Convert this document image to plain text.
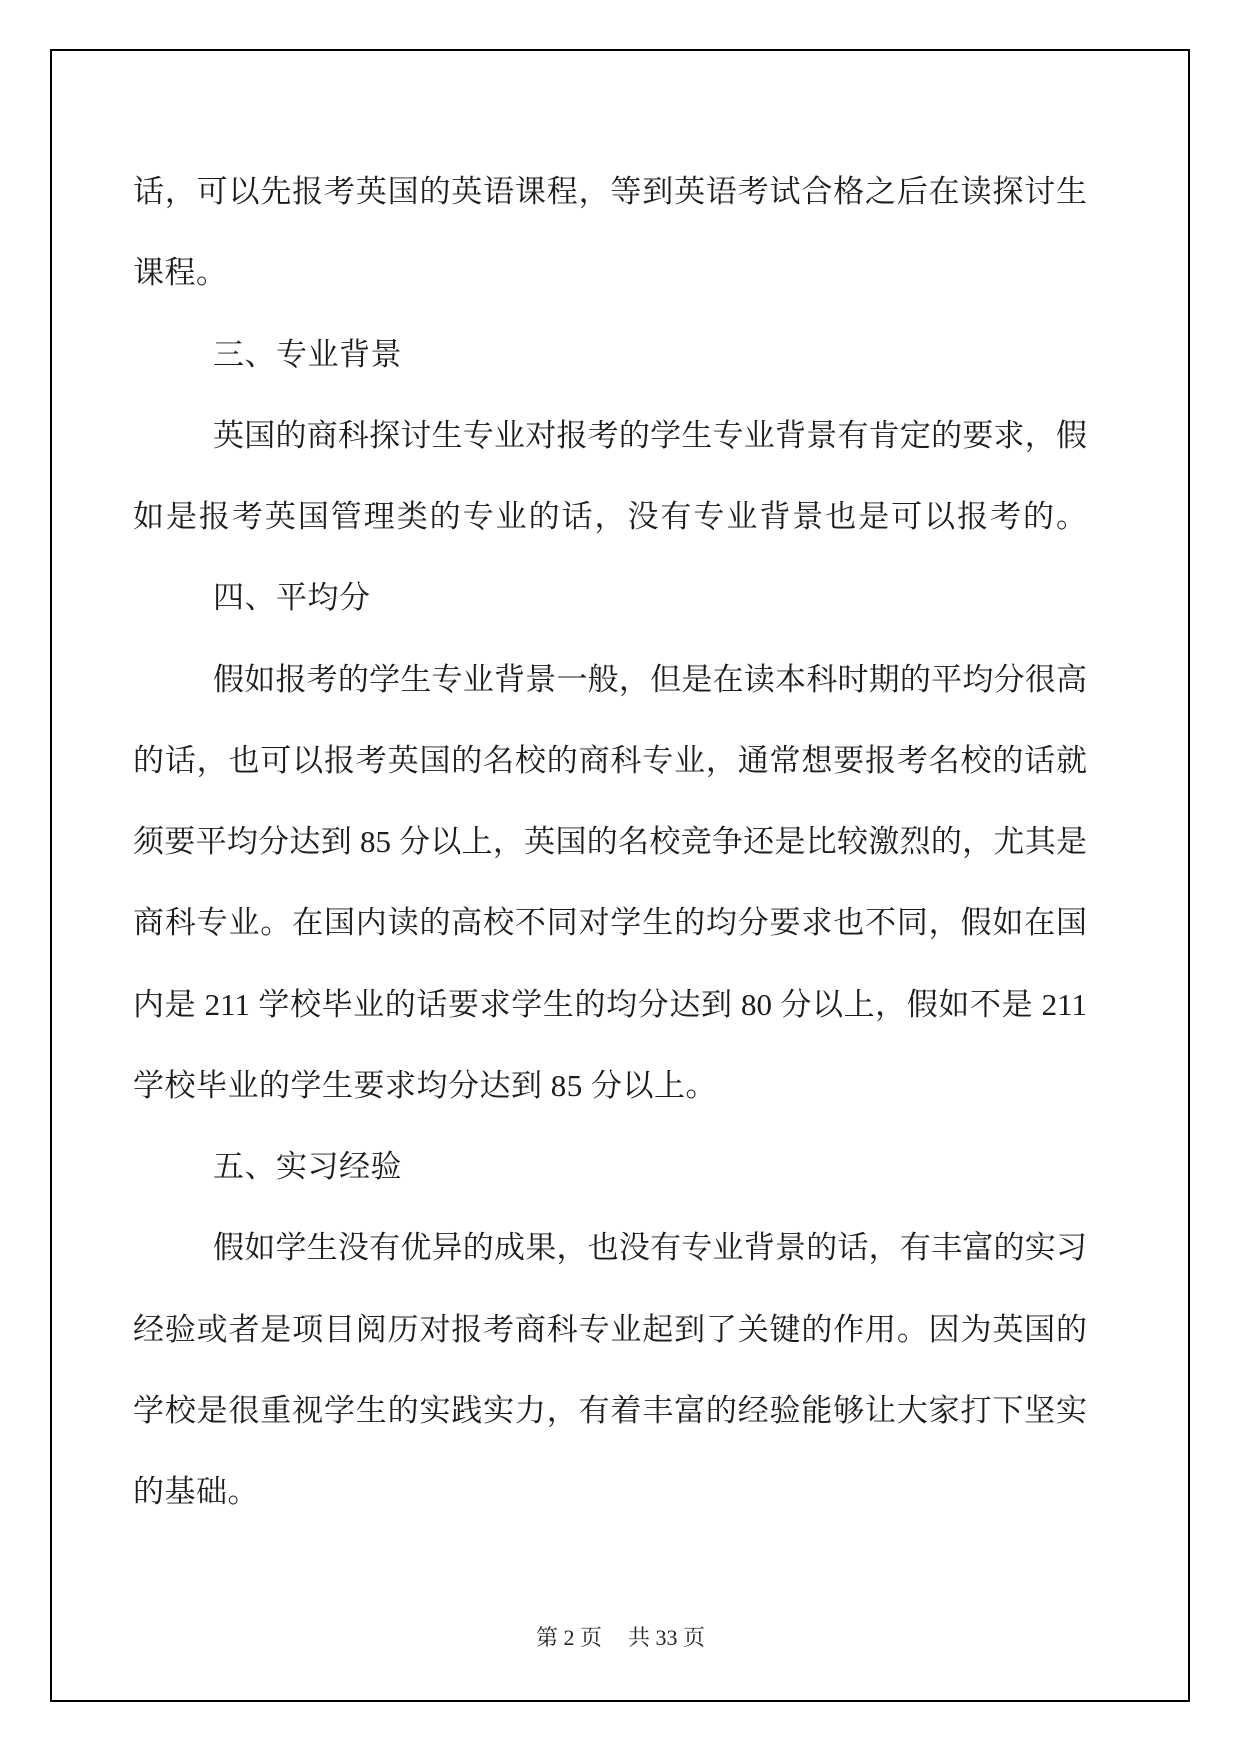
话，可以先报考英国的英语课程，等到英语考试合格之后在读探讨生
课程。
三、专业背景
英国的商科探讨生专业对报考的学生专业背景有肯定的要求，假
如是报考英国管理类的专业的话，没有专业背景也是可以报考的。
四、平均分
假如报考的学生专业背景一般，但是在读本科时期的平均分很高
的话，也可以报考英国的名校的商科专业，通常想要报考名校的话就
须要平均分达到 85 分以上，英国的名校竞争还是比较激烈的，尤其是
商科专业。在国内读的高校不同对学生的均分要求也不同，假如在国
内是 211 学校毕业的话要求学生的均分达到 80 分以上，假如不是 211
学校毕业的学生要求均分达到 85 分以上。
五、实习经验
假如学生没有优异的成果，也没有专业背景的话，有丰富的实习
经验或者是项目阅历对报考商科专业起到了关键的作用。因为英国的
学校是很重视学生的实践实力，有着丰富的经验能够让大家打下坚实
的基础。
第 2 页 共 33 页
